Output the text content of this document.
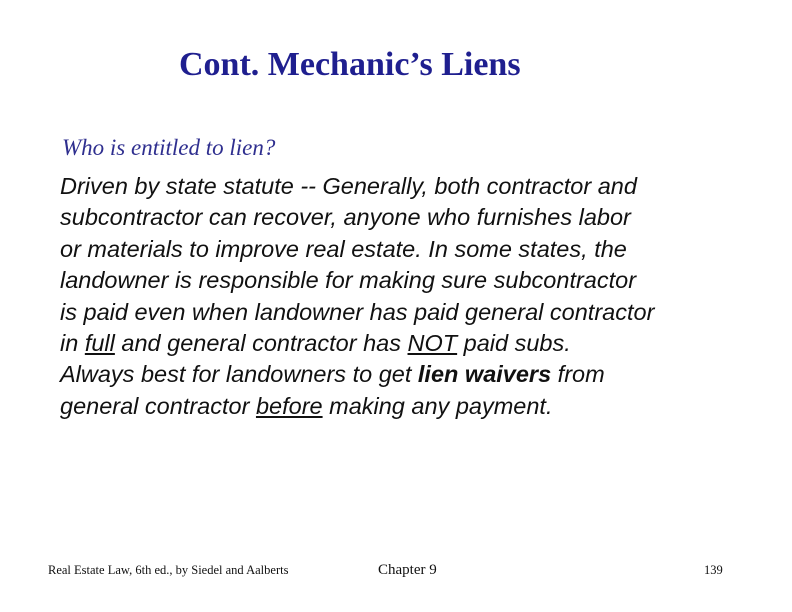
Cont. Mechanic’s Liens

Who is entitled to lien?

Driven by state statute -- Generally, both contractor and
subcontractor can recover, anyone who furnishes labor
or materials to improve real estate. In some states, the
landowner is responsible for making sure subcontractor
is paid even when landowner has paid general contractor
in full and general contractor has NOT paid subs.
Always best for landowners to get lien waivers from
general contractor before making any payment.

Real Estate Law, 6th ed., by Siedel and Aalberts	Chapter 9	139
